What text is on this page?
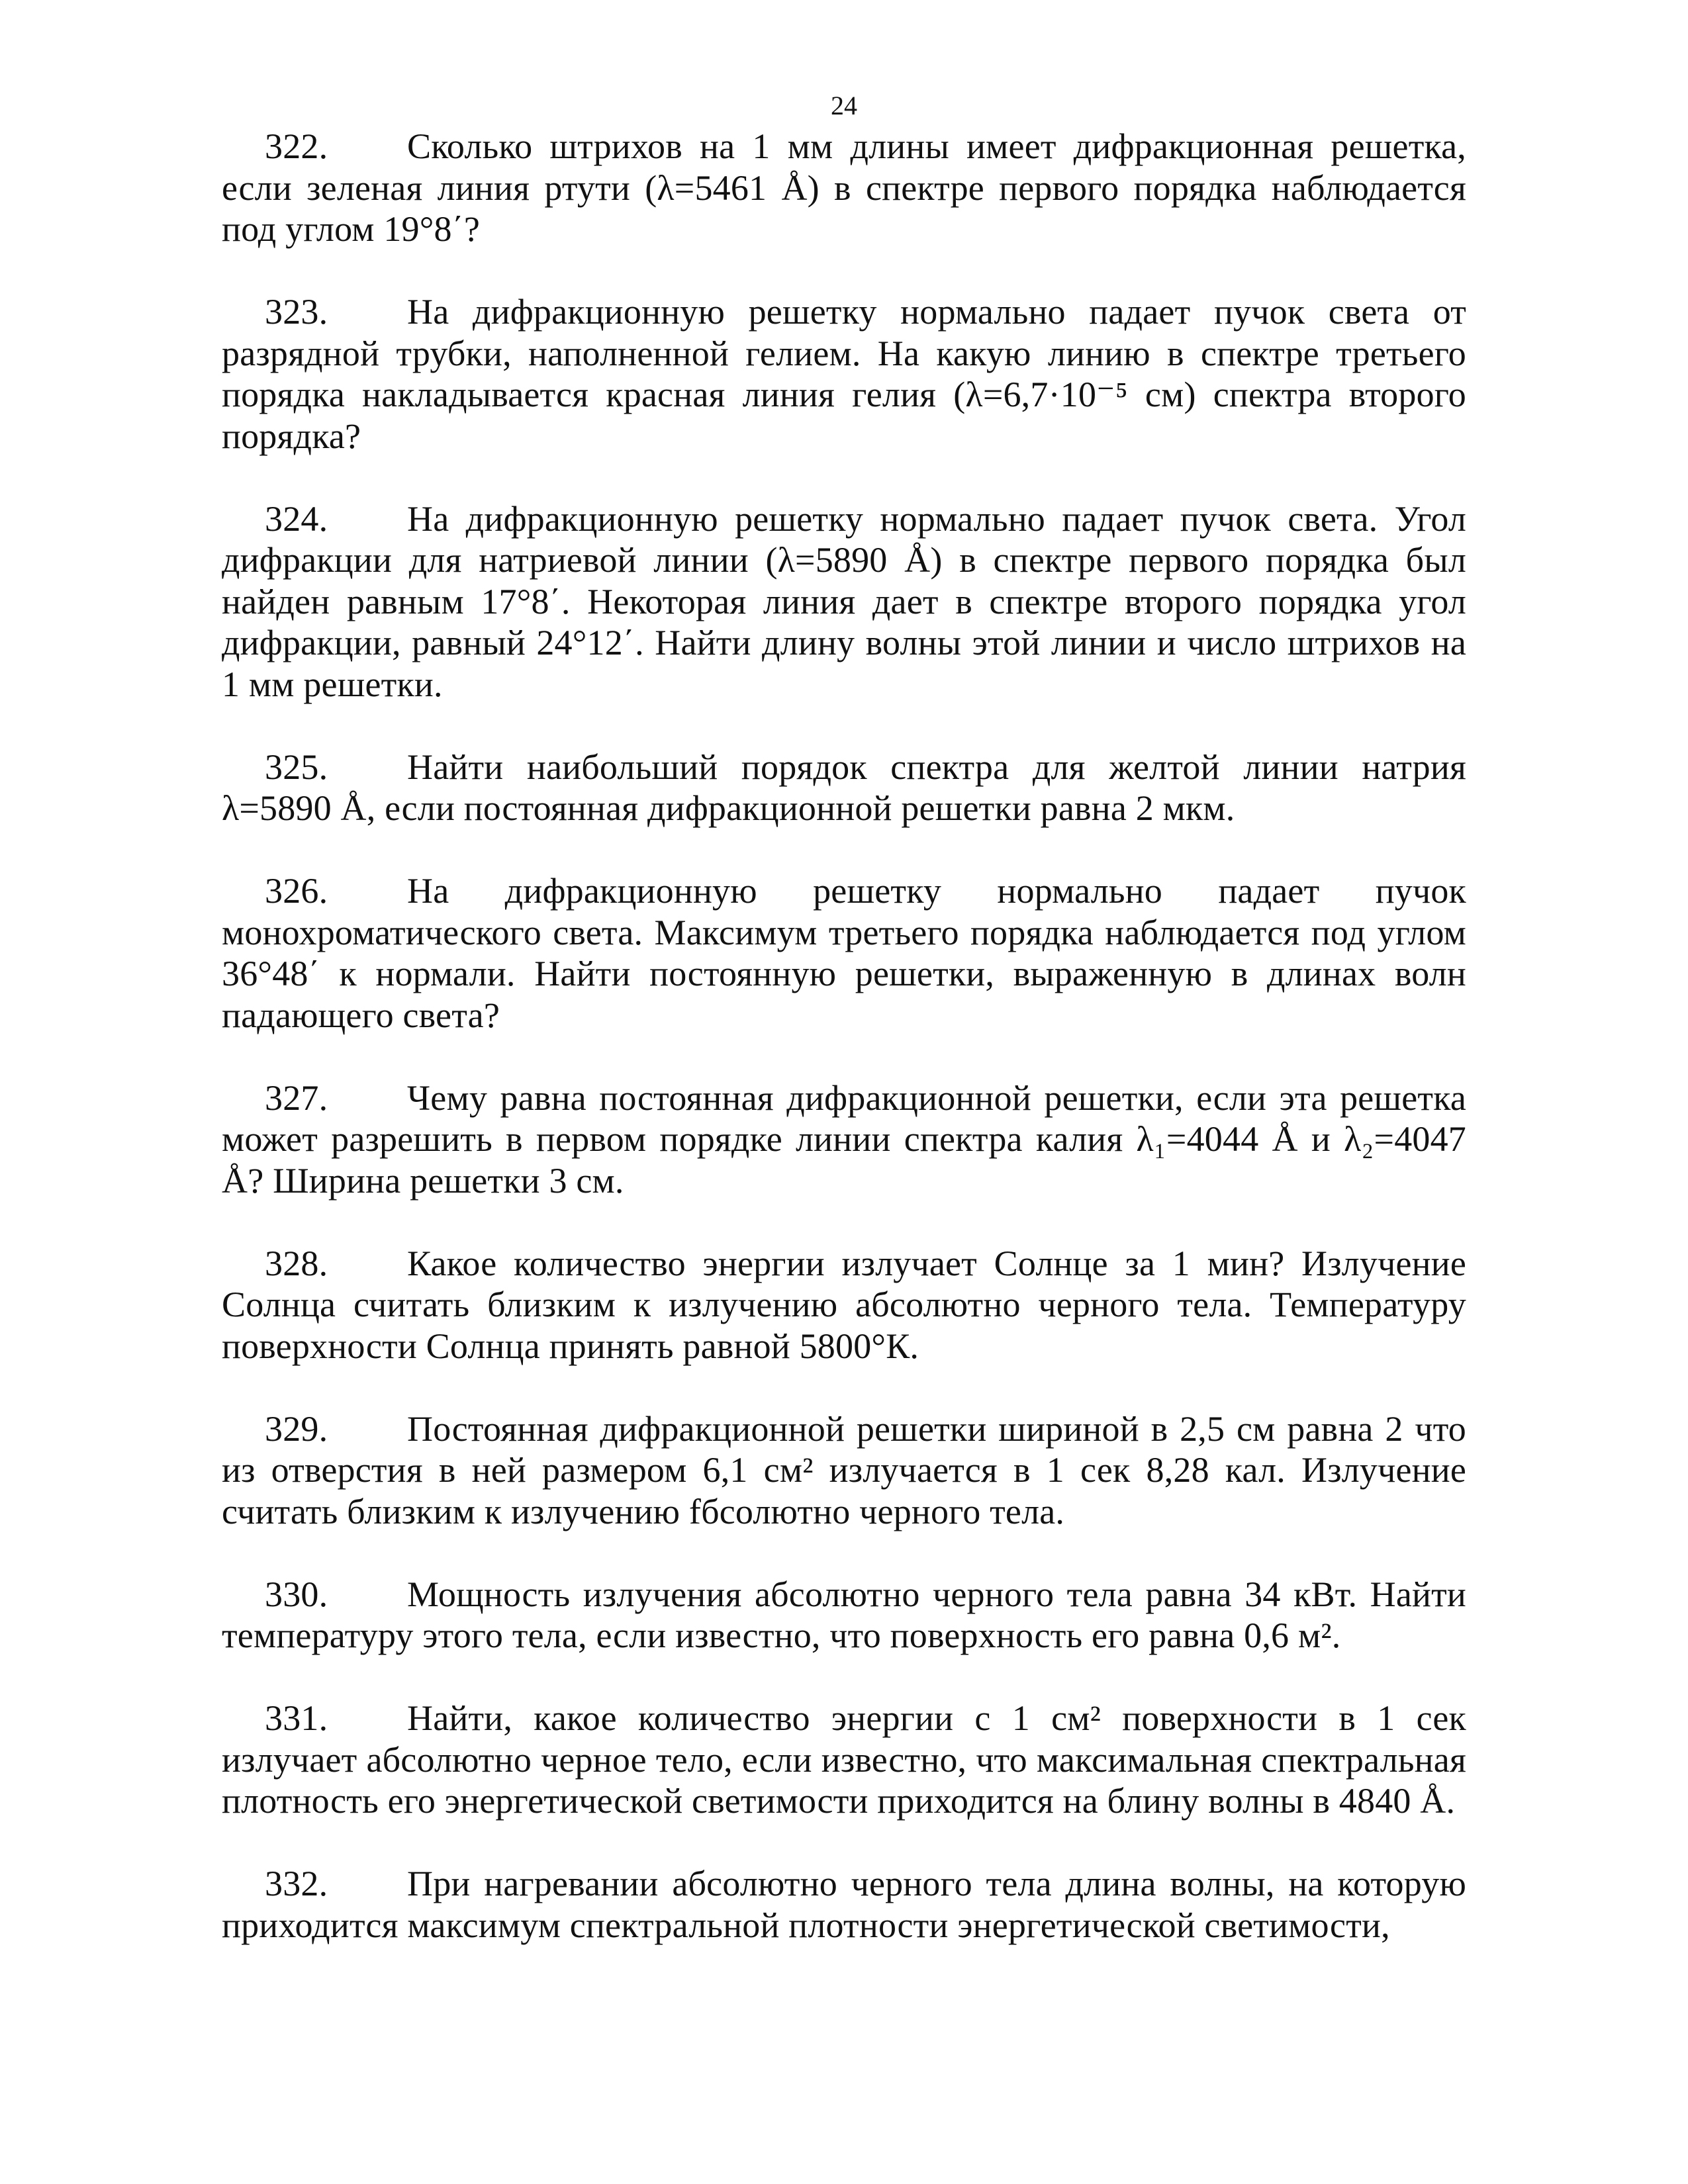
24

322. Сколько штрихов на 1 мм длины имеет дифракционная решетка, если зеленая линия ртути (λ=5461 Å) в спектре первого порядка наблюдается под углом 19°8΄?

323. На дифракционную решетку нормально падает пучок света от разрядной трубки, наполненной гелием. На какую линию в спектре третьего порядка накладывается красная линия гелия (λ=6,7·10⁻⁵ см) спектра второго порядка?

324. На дифракционную решетку нормально падает пучок света. Угол дифракции для натриевой линии (λ=5890 Å) в спектре первого порядка был найден равным 17°8΄. Некоторая линия дает в спектре второго порядка угол дифракции, равный 24°12΄. Найти длину волны этой линии и число штрихов на 1 мм решетки.

325. Найти наибольший порядок спектра для желтой линии натрия λ=5890 Å, если постоянная дифракционной решетки равна 2 мкм.

326. На дифракционную решетку нормально падает пучок монохроматического света. Максимум третьего порядка наблюдается под углом 36°48΄ к нормали. Найти постоянную решетки, выраженную в длинах волн падающего света?

327. Чему равна постоянная дифракционной решетки, если эта решетка может разрешить в первом порядке линии спектра калия λ₁=4044 Å и λ₂=4047 Å? Ширина решетки 3 см.

328. Какое количество энергии излучает Солнце за 1 мин? Излучение Солнца считать близким к излучению абсолютно черного тела. Температуру поверхности Солнца принять равной 5800°К.

329. Постоянная дифракционной решетки шириной в 2,5 см равна 2 что из отверстия в ней размером 6,1 см² излучается в 1 сек 8,28 кал. Излучение считать близким к излучению fбсолютно черного тела.

330. Мощность излучения абсолютно черного тела равна 34 кВт. Найти температуру этого тела, если известно, что поверхность его равна 0,6 м².

331. Найти, какое количество энергии с 1 см² поверхности в 1 сек излучает абсолютно черное тело, если известно, что максимальная спектральная плотность его энергетической светимости приходится на блину волны в 4840 Å.

332. При нагревании абсолютно черного тела длина волны, на которую приходится максимум спектральной плотности энергетической светимости,
